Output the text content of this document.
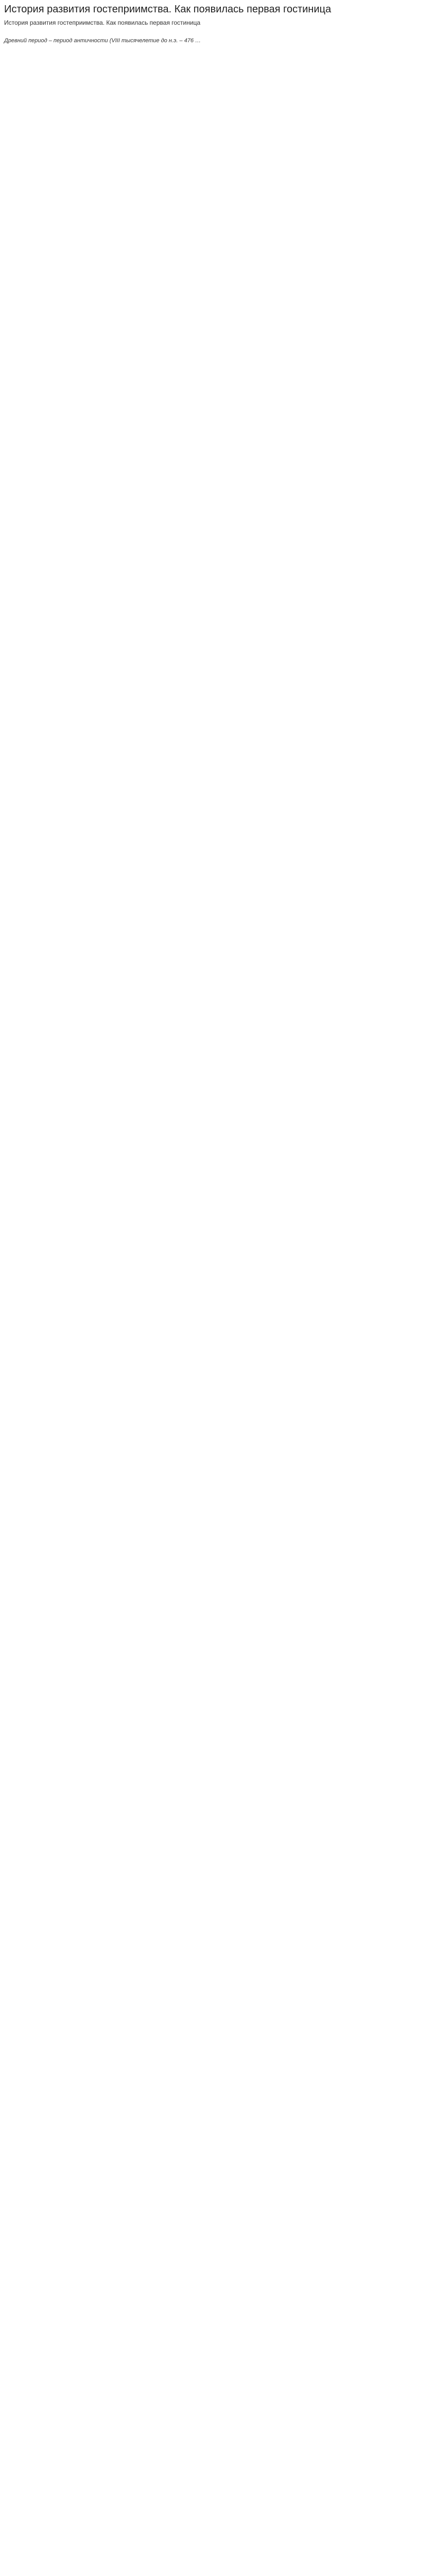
История развития гостеприимства. Как появилась первая гостиница
История развития гостеприимства. Как появилась первая гостиница
Древний период – период античности (VIII тысячелетие до н.э. – 476 …
